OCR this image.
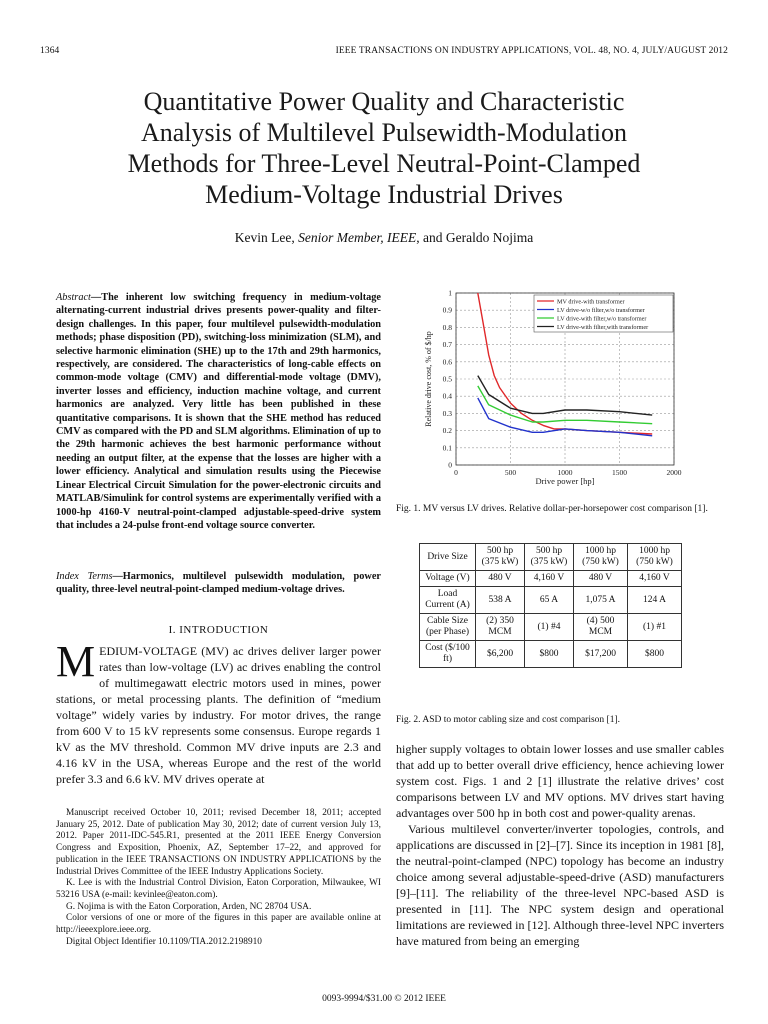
1364	IEEE TRANSACTIONS ON INDUSTRY APPLICATIONS, VOL. 48, NO. 4, JULY/AUGUST 2012
Quantitative Power Quality and Characteristic
Analysis of Multilevel Pulsewidth-Modulation
Methods for Three-Level Neutral-Point-Clamped
Medium-Voltage Industrial Drives
Kevin Lee, Senior Member, IEEE, and Geraldo Nojima
Abstract—The inherent low switching frequency in medium-voltage alternating-current industrial drives presents power-quality and filter-design challenges. In this paper, four multilevel pulsewidth-modulation methods; phase disposition (PD), switching-loss minimization (SLM), and selective harmonic elimination (SHE) up to the 17th and 29th harmonics, respectively, are considered. The characteristics of long-cable effects on common-mode voltage (CMV) and differential-mode voltage (DMV), inverter losses and efficiency, induction machine voltage, and current harmonics are analyzed. Very little has been published in these quantitative comparisons. It is shown that the SHE method has reduced CMV as compared with the PD and SLM algorithms. Elimination of up to the 29th harmonic achieves the best harmonic performance without needing an output filter, at the expense that the losses are higher with a lower efficiency. Analytical and simulation results using the Piecewise Linear Electrical Circuit Simulation for the power-electronic circuits and MATLAB/Simulink for control systems are experimentally verified with a 1000-hp 4160-V neutral-point-clamped adjustable-speed-drive system that includes a 24-pulse front-end voltage source converter.
Index Terms—Harmonics, multilevel pulsewidth modulation, power quality, three-level neutral-point-clamped medium-voltage drives.
I. INTRODUCTION
MEDIUM-VOLTAGE (MV) ac drives deliver larger power rates than low-voltage (LV) ac drives enabling the control of multimegawatt electric motors used in mines, power stations, or metal processing plants. The definition of “medium voltage” widely varies by industry. For motor drives, the range from 600 V to 15 kV represents some consensus. Europe regards 1 kV as the MV threshold. Common MV drive inputs are 2.3 and 4.16 kV in the USA, whereas Europe and the rest of the world prefer 3.3 and 6.6 kV. MV drives operate at

Manuscript received October 10, 2011; revised December 18, 2011; accepted January 25, 2012. Date of publication May 30, 2012; date of current version July 13, 2012. Paper 2011-IDC-545.R1, presented at the 2011 IEEE Energy Conversion Congress and Exposition, Phoenix, AZ, September 17–22, and approved for publication in the IEEE TRANSACTIONS ON INDUSTRY APPLICATIONS by the Industrial Drives Committee of the IEEE Industry Applications Society.

K. Lee is with the Industrial Control Division, Eaton Corporation, Milwaukee, WI 53216 USA (e-mail: kevinlee@eaton.com).

G. Nojima is with the Eaton Corporation, Arden, NC 28704 USA.

Color versions of one or more of the figures in this paper are available online at http://ieeexplore.ieee.org.

Digital Object Identifier 10.1109/TIA.2012.2198910

0	500	1000	1500	2000
0
0.1
0.2
0.3
0.4
0.5
0.6
0.7
0.8
0.9
1
Drive power [hp]
Relative drive cost, % of $/hp
MV drive-with transformer
LV drive-w/o filter,w/o transformer
LV drive-with filter,w/o transformer
LV drive-with filter,with transformer
Fig. 1. MV versus LV drives. Relative dollar-per-horsepower cost comparison [1].
Drive Size	500 hp (375 kW)	500 hp (375 kW)	1000 hp (750 kW)	1000 hp (750 kW)
Voltage (V)	480 V	4,160 V	480 V	4,160 V
Load Current (A)	538 A	65 A	1,075 A	124 A
Cable Size (per Phase)	(2) 350 MCM	(1) #4	(4) 500 MCM	(1) #1
Cost ($/100 ft)	$6,200	$800	$17,200	$800
Fig. 2. ASD to motor cabling size and cost comparison [1].

higher supply voltages to obtain lower losses and use smaller cables that add up to better overall drive efficiency, hence achieving lower system cost. Figs. 1 and 2 [1] illustrate the relative drives’ cost comparisons between LV and MV options. MV drives start having advantages over 500 hp in both cost and power-quality arenas.

Various multilevel converter/inverter topologies, controls, and applications are discussed in [2]–[7]. Since its inception in 1981 [8], the neutral-point-clamped (NPC) topology has become an industry choice among several adjustable-speed-drive (ASD) manufacturers [9]–[11]. The reliability of the three-level NPC-based ASD is presented in [11]. The NPC system design and operational limitations are reviewed in [12]. Although three-level NPC inverters have matured from being an emerging

0093-9994/$31.00 © 2012 IEEE
